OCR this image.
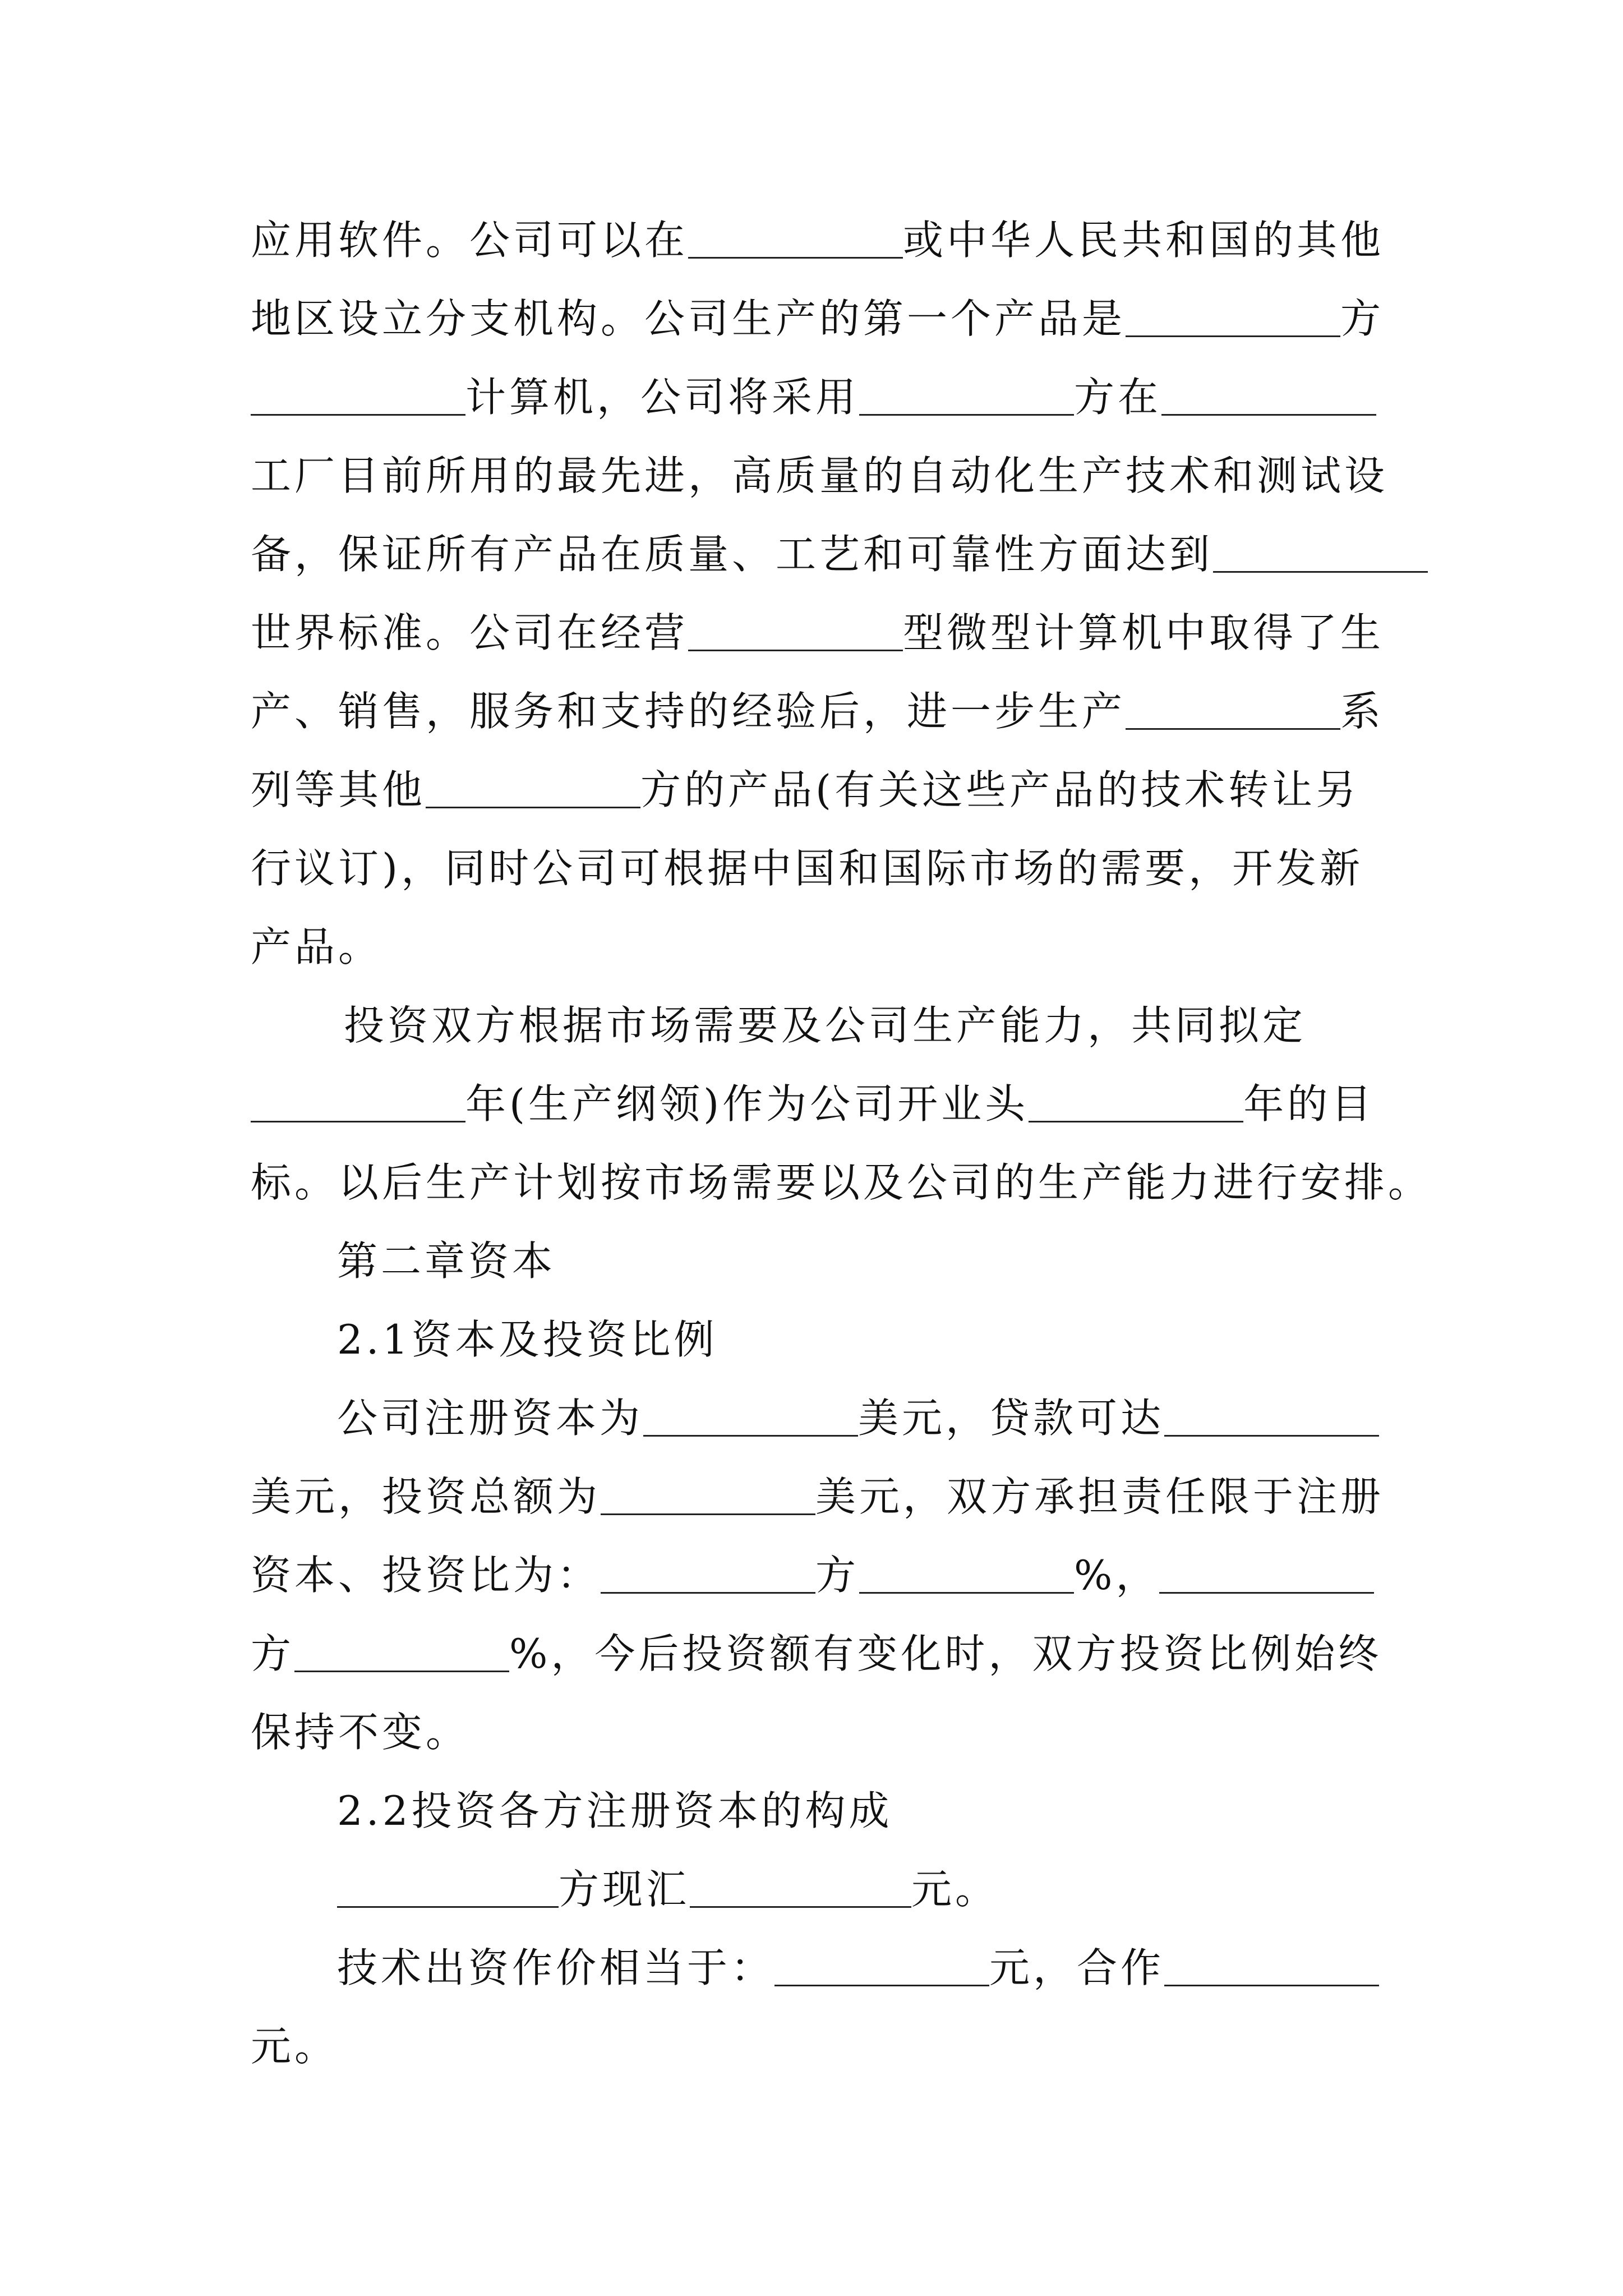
应用软件。公司可以在	或中华人民共和国的其他
地区设立分支机构。公司生产的第一个产品是	方
计算机，公司将采用	方在
工厂目前所用的最先进，高质量的自动化生产技术和测试设
备，保证所有产品在质量、工艺和可靠性方面达到
世界标准。公司在经营	型微型计算机中取得了生
产、销售，服务和支持的经验后，进一步生产	系
列等其他	方的产品(有关这些产品的技术转让另
行议订)，同时公司可根据中国和国际市场的需要，开发新
产品。
投资双方根据市场需要及公司生产能力，共同拟定
年(生产纲领)作为公司开业头	年的目
标。以后生产计划按市场需要以及公司的生产能力进行安排。
第二章资本
2.1资本及投资比例
公司注册资本为	美元，贷款可达
美元，投资总额为	美元，双方承担责任限于注册
资本、投资比为：	方	%，
方	%，今后投资额有变化时，双方投资比例始终
保持不变。
2.2投资各方注册资本的构成
方现汇	元。
技术出资作价相当于：	元，合作
元。
